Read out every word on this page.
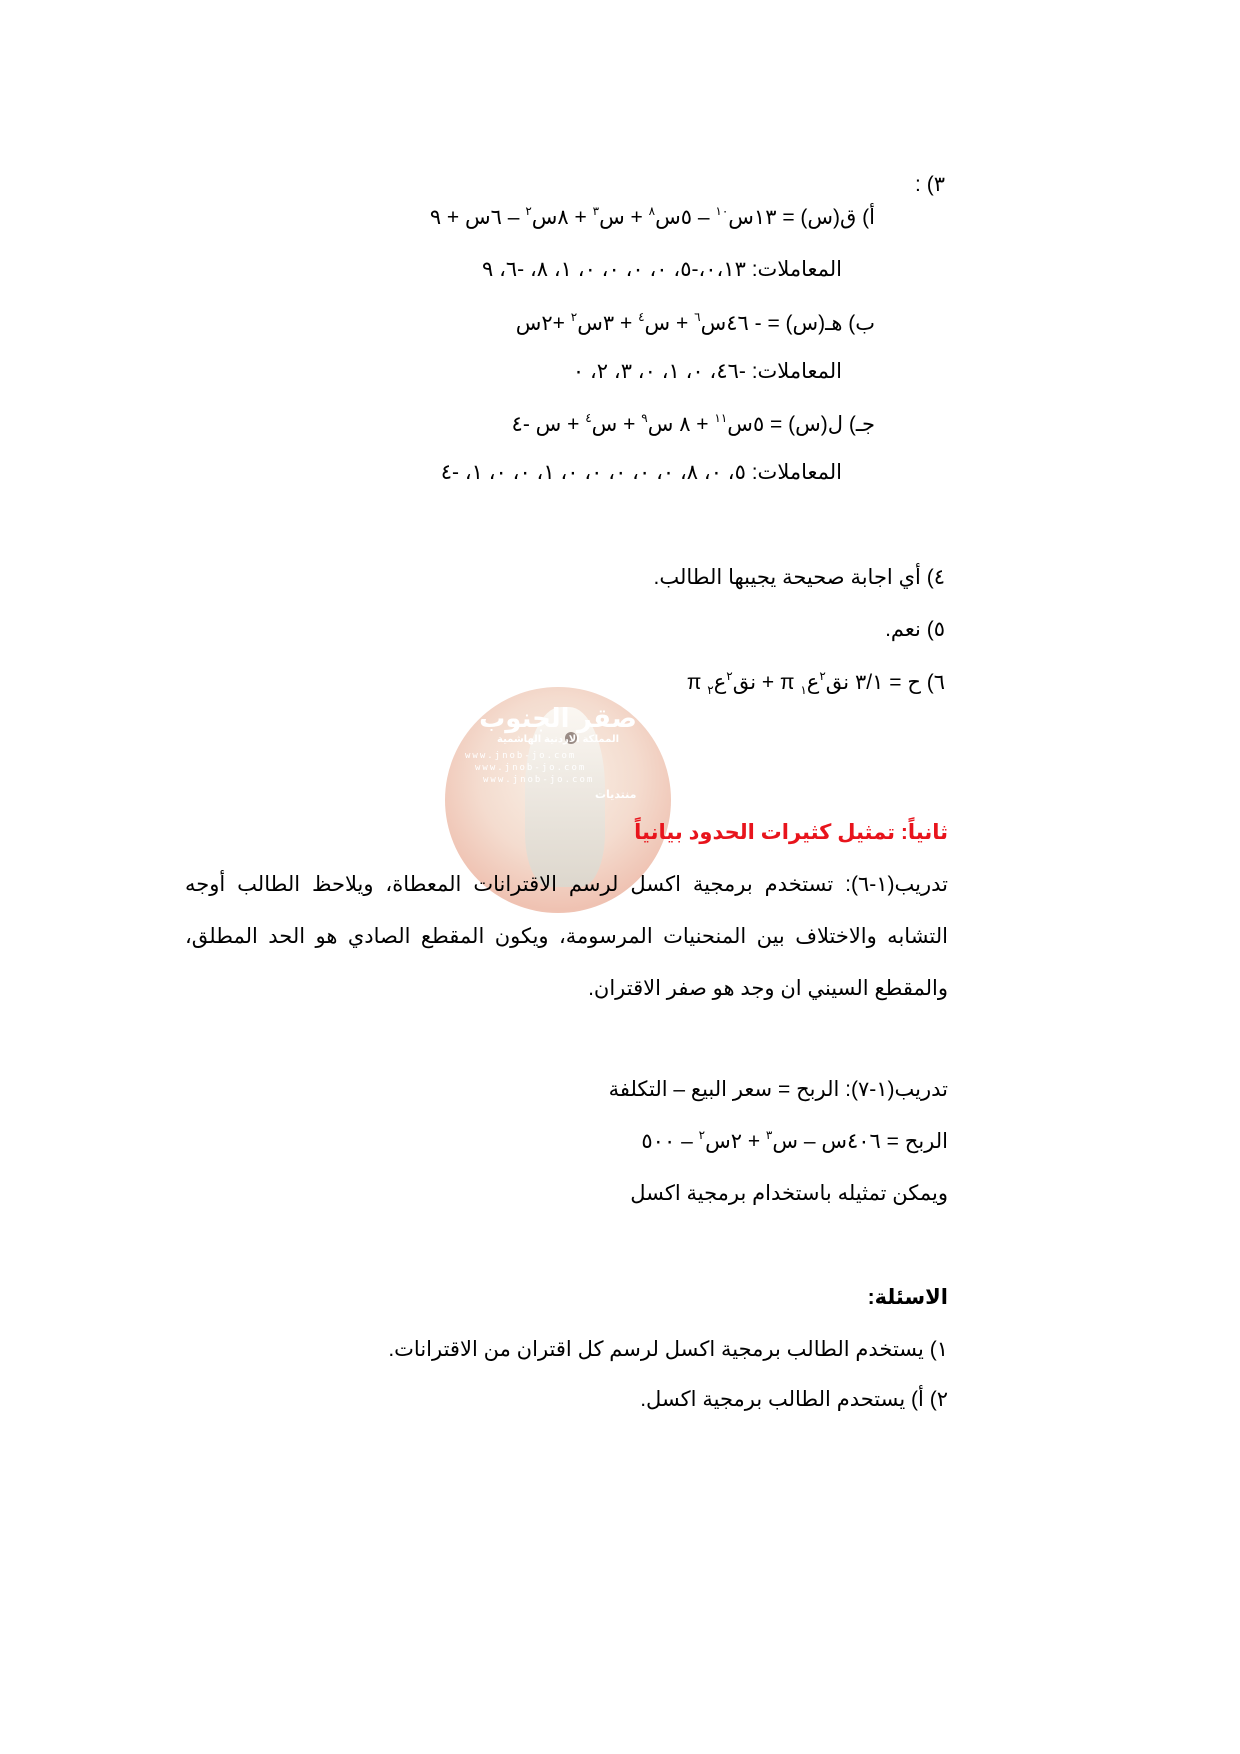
٣) :
أ) ق(س) = ١٣س$^{١٠}$ – ٥س$^٨$ + س$^٣$ + ٨س$^٢$ – ٦س + ٩
المعاملات: ٠،١٣،-٥، ٠، ٠، ٠، ٠، ١، ٨، -٦، ٩
ب) هـ(س) = - ٤٦س$^٦$ + س$^٤$ + ٣س$^٢$ +٢س
المعاملات: -٤٦، ٠، ١، ٠، ٣، ٢، ٠
جـ) ل(س) = ٥س$^{١١}$ + ٨ س$^٩$ + س$^٤$ + س -٤
المعاملات: ٥، ٠، ٨، ٠، ٠، ٠، ٠، ٠، ١، ٠، ٠، ١، -٤
٤) أي اجابة صحيحة يجيبها الطالب.
٥) نعم.
٦) ح = ٣/١ نق$^٢$ع$_١$ π + نق$^٢$ع$_٢$ π
صقر الجنوب
المملكة الاردنية الهاشمية
www.jnob-jo.com
www.jnob-jo.com
www.jnob-jo.com
منتديات
ثانياً: تمثيل كثيرات الحدود بيانياً
تدريب(١-٦): تستخدم برمجية اكسل لرسم الاقترانات المعطاة، ويلاحظ الطالب أوجه التشابه والاختلاف بين المنحنيات المرسومة، ويكون المقطع الصادي هو الحد المطلق، والمقطع السيني ان وجد هو صفر الاقتران.
تدريب(١-٧): الربح = سعر البيع – التكلفة
الربح = ٤٠٦س – س$^٣$ + ٢س$^٢$ – ٥٠٠
ويمكن تمثيله باستخدام برمجية اكسل
الاسئلة:
١) يستخدم الطالب برمجية اكسل لرسم كل اقتران من الاقترانات.
٢) أ) يستحدم الطالب برمجية اكسل.
